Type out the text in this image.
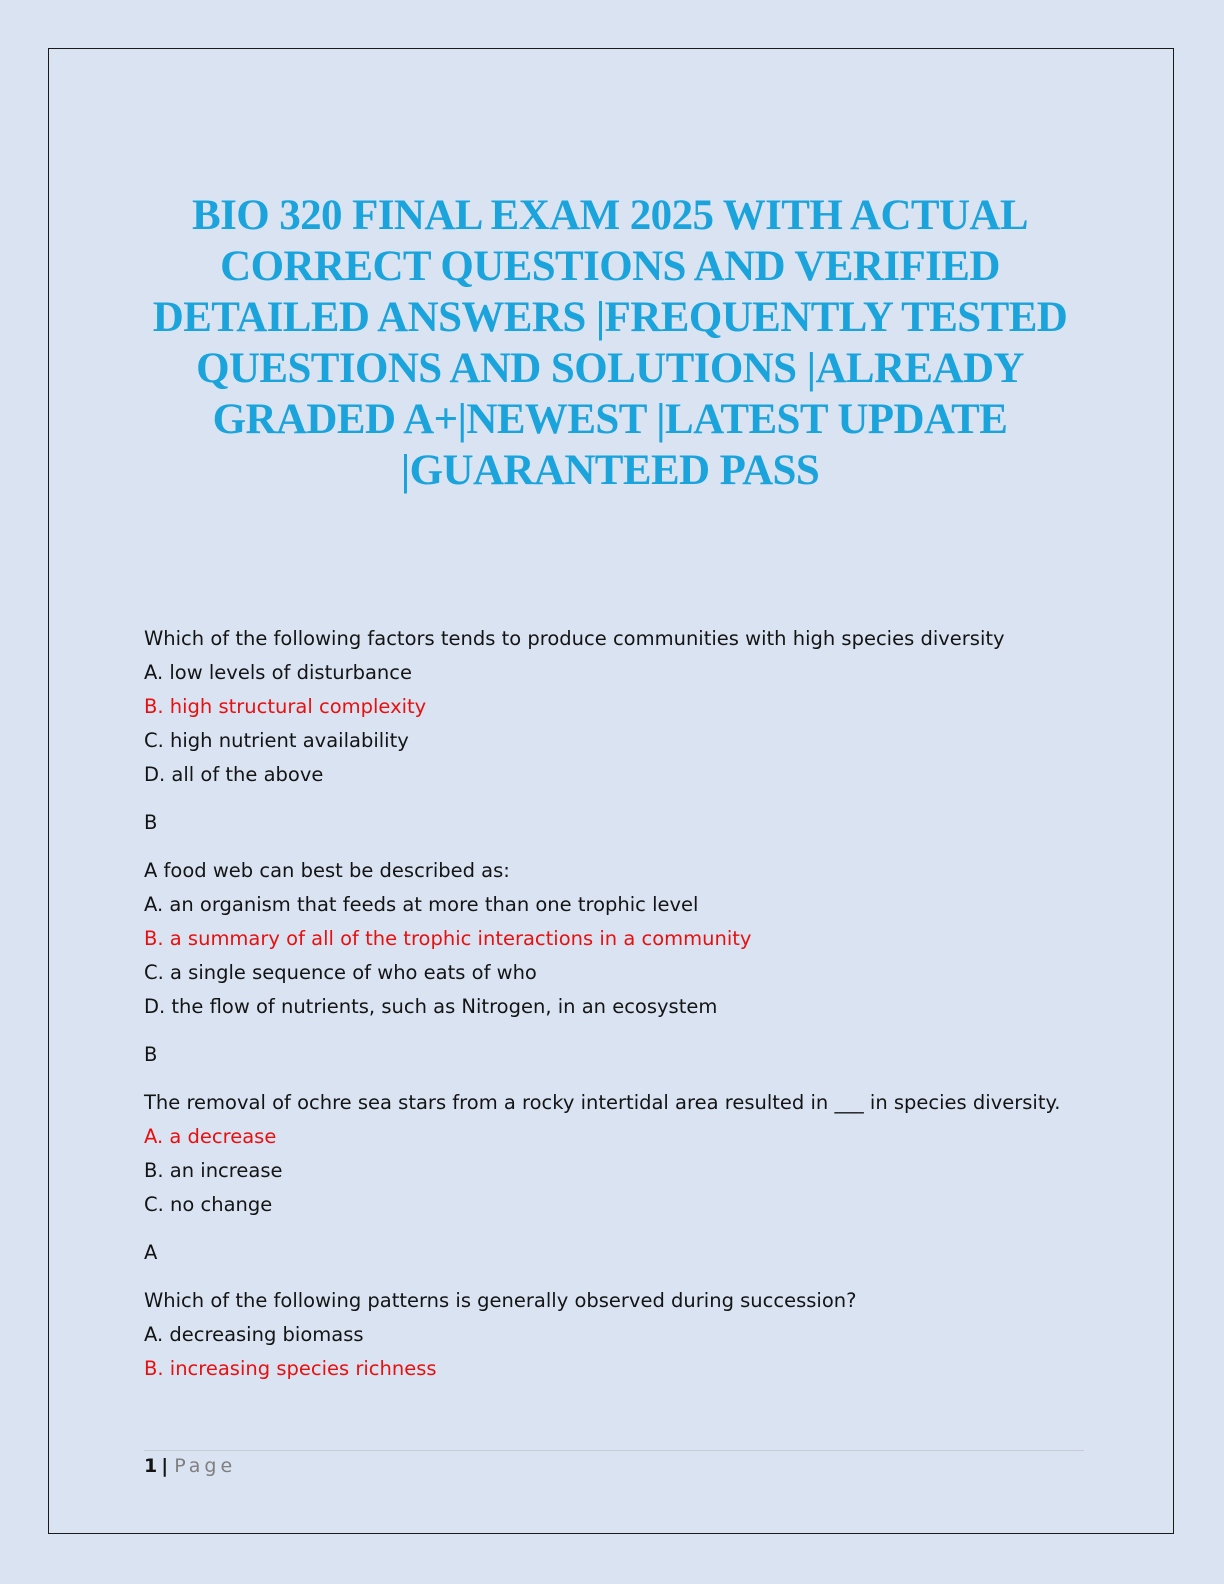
BIO 320 FINAL EXAM 2025 WITH ACTUAL
CORRECT QUESTIONS AND VERIFIED
DETAILED ANSWERS |FREQUENTLY TESTED
QUESTIONS AND SOLUTIONS |ALREADY
GRADED A+|NEWEST |LATEST UPDATE
|GUARANTEED PASS
Which of the following factors tends to produce communities with high species diversity
A. low levels of disturbance
B. high structural complexity
C. high nutrient availability
D. all of the above
B
A food web can best be described as:
A. an organism that feeds at more than one trophic level
B. a summary of all of the trophic interactions in a community
C. a single sequence of who eats of who
D. the flow of nutrients, such as Nitrogen, in an ecosystem
B
The removal of ochre sea stars from a rocky intertidal area resulted in ___ in species diversity.
A. a decrease
B. an increase
C. no change
A
Which of the following patterns is generally observed during succession?
A. decreasing biomass
B. increasing species richness
1 | Page
